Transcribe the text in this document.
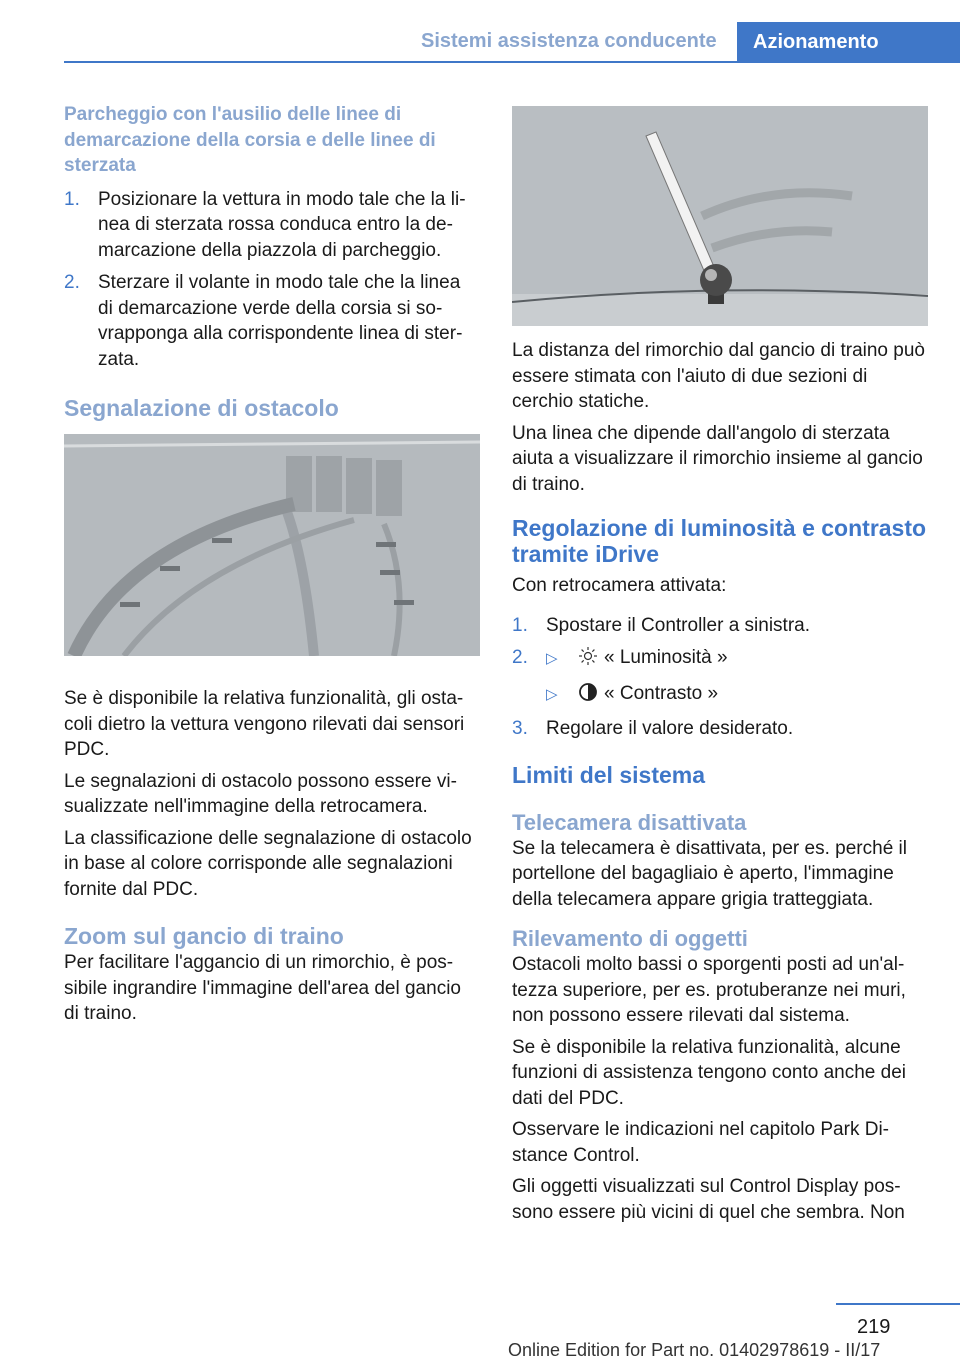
Sistemi assistenza conducente	Azionamento
Parcheggio con l'ausilio delle linee di demarcazione della corsia e delle linee di sterzata
1. Posizionare la vettura in modo tale che la linea di sterzata rossa conduca entro la demarcazione della piazzola di parcheggio.
2. Sterzare il volante in modo tale che la linea di demarcazione verde della corsia si sovrapponga alla corrispondente linea di sterzata.
Segnalazione di ostacolo

Se è disponibile la relativa funzionalità, gli ostacoli dietro la vettura vengono rilevati dai sensori PDC.

Le segnalazioni di ostacolo possono essere visualizzate nell'immagine della retrocamera.

La classificazione delle segnalazione di ostacolo in base al colore corrisponde alle segnalazioni fornite dal PDC.

Zoom sul gancio di traino

Per facilitare l'aggancio di un rimorchio, è possibile ingrandire l'immagine dell'area del gancio di traino.

La distanza del rimorchio dal gancio di traino può essere stimata con l'aiuto di due sezioni di cerchio statiche.

Una linea che dipende dall'angolo di sterzata aiuta a visualizzare il rimorchio insieme al gancio di traino.

Regolazione di luminosità e contrasto tramite iDrive

Con retrocamera attivata:

1. Spostare il Controller a sinistra.
2.	▷ « Luminosità »
▷ « Contrasto »
3. Regolare il valore desiderato.
Limiti del sistema
Telecamera disattivata

Se la telecamera è disattivata, per es. perché il portellone del bagagliaio è aperto, l'immagine della telecamera appare grigia tratteggiata.

Rilevamento di oggetti

Ostacoli molto bassi o sporgenti posti ad un'altezza superiore, per es. protuberanze nei muri, non possono essere rilevati dal sistema.

Se è disponibile la relativa funzionalità, alcune funzioni di assistenza tengono conto anche dei dati del PDC.

Osservare le indicazioni nel capitolo Park Distance Control.

Gli oggetti visualizzati sul Control Display possono essere più vicini di quel che sembra. Non

219
Online Edition for Part no. 01402978619 - II/17
